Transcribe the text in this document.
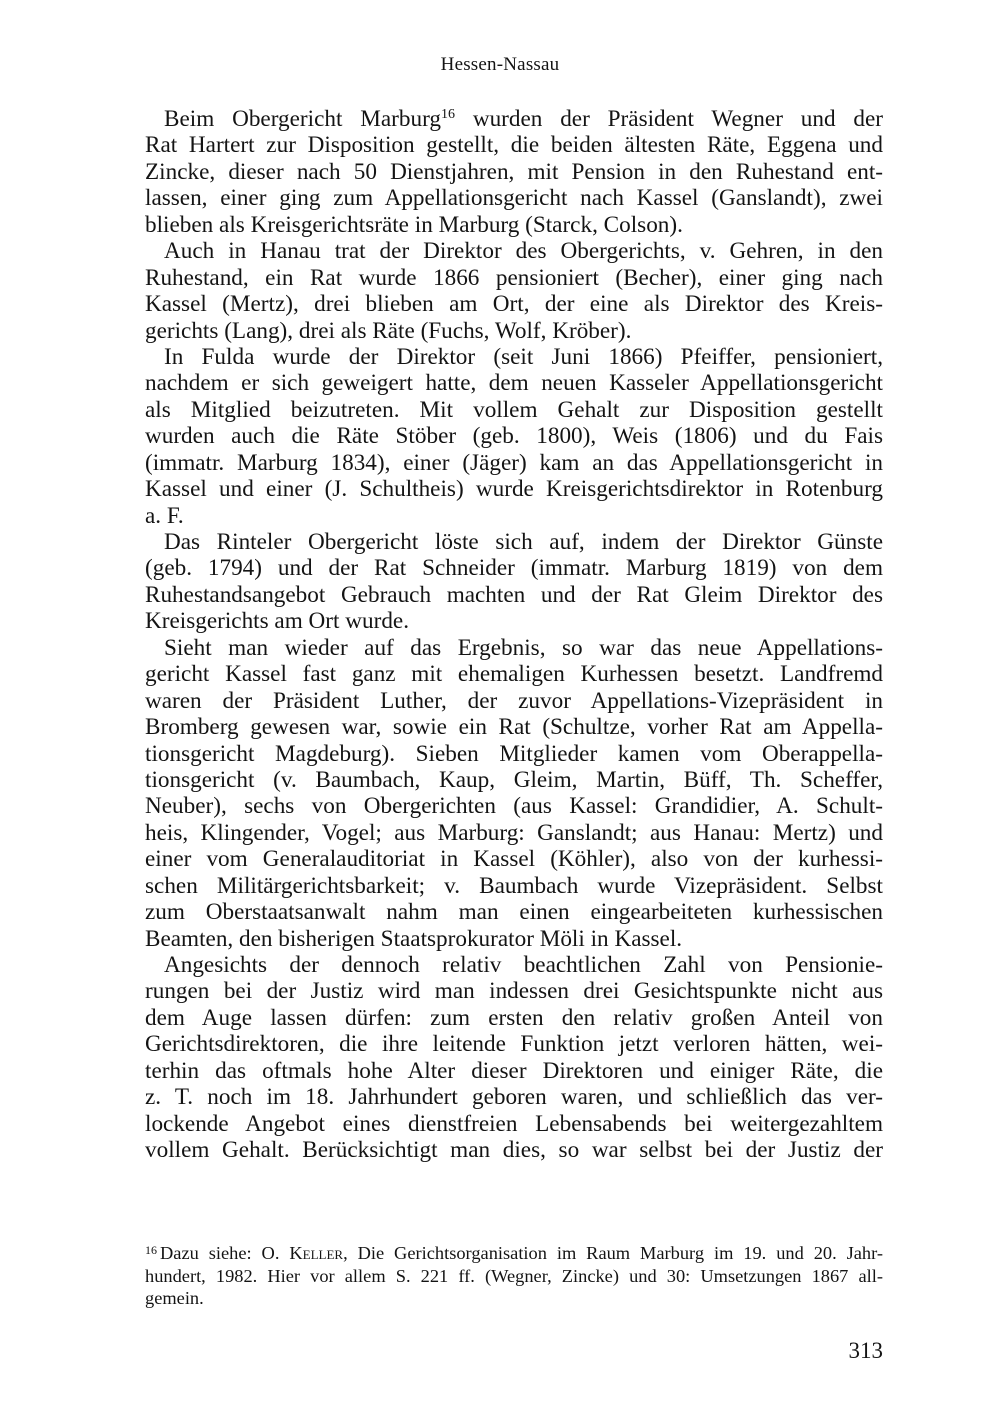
Hessen-Nassau
Beim Obergericht Marburg$^{16}$ wurden der Präsident Wegner und der
Rat Hartert zur Disposition gestellt, die beiden ältesten Räte, Eggena und
Zincke, dieser nach 50 Dienstjahren, mit Pension in den Ruhestand ent-
lassen, einer ging zum Appellationsgericht nach Kassel (Ganslandt), zwei
blieben als Kreisgerichtsräte in Marburg (Starck, Colson).
Auch in Hanau trat der Direktor des Obergerichts, v. Gehren, in den
Ruhestand, ein Rat wurde 1866 pensioniert (Becher), einer ging nach
Kassel (Mertz), drei blieben am Ort, der eine als Direktor des Kreis-
gerichts (Lang), drei als Räte (Fuchs, Wolf, Kröber).
In Fulda wurde der Direktor (seit Juni 1866) Pfeiffer, pensioniert,
nachdem er sich geweigert hatte, dem neuen Kasseler Appellationsgericht
als Mitglied beizutreten. Mit vollem Gehalt zur Disposition gestellt
wurden auch die Räte Stöber (geb. 1800), Weis (1806) und du Fais
(immatr. Marburg 1834), einer (Jäger) kam an das Appellationsgericht in
Kassel und einer (J. Schultheis) wurde Kreisgerichtsdirektor in Rotenburg
a. F.
Das Rinteler Obergericht löste sich auf, indem der Direktor Günste
(geb. 1794) und der Rat Schneider (immatr. Marburg 1819) von dem
Ruhestandsangebot Gebrauch machten und der Rat Gleim Direktor des
Kreisgerichts am Ort wurde.
Sieht man wieder auf das Ergebnis, so war das neue Appellations-
gericht Kassel fast ganz mit ehemaligen Kurhessen besetzt. Landfremd
waren der Präsident Luther, der zuvor Appellations-Vizepräsident in
Bromberg gewesen war, sowie ein Rat (Schultze, vorher Rat am Appella-
tionsgericht Magdeburg). Sieben Mitglieder kamen vom Oberappella-
tionsgericht (v. Baumbach, Kaup, Gleim, Martin, Büff, Th. Scheffer,
Neuber), sechs von Obergerichten (aus Kassel: Grandidier, A. Schult-
heis, Klingender, Vogel; aus Marburg: Ganslandt; aus Hanau: Mertz) und
einer vom Generalauditoriat in Kassel (Köhler), also von der kurhessi-
schen Militärgerichtsbarkeit; v. Baumbach wurde Vizepräsident. Selbst
zum Oberstaatsanwalt nahm man einen eingearbeiteten kurhessischen
Beamten, den bisherigen Staatsprokurator Möli in Kassel.
Angesichts der dennoch relativ beachtlichen Zahl von Pensionie-
rungen bei der Justiz wird man indessen drei Gesichtspunkte nicht aus
dem Auge lassen dürfen: zum ersten den relativ großen Anteil von
Gerichtsdirektoren, die ihre leitende Funktion jetzt verloren hätten, wei-
terhin das oftmals hohe Alter dieser Direktoren und einiger Räte, die
z. T. noch im 18. Jahrhundert geboren waren, und schließlich das ver-
lockende Angebot eines dienstfreien Lebensabends bei weitergezahltem
vollem Gehalt. Berücksichtigt man dies, so war selbst bei der Justiz der
$^{16}$ Dazu siehe: O. Keller, Die Gerichtsorganisation im Raum Marburg im 19. und 20. Jahr-
hundert, 1982. Hier vor allem S. 221 ff. (Wegner, Zincke) und 30: Umsetzungen 1867 all-
gemein.
313
